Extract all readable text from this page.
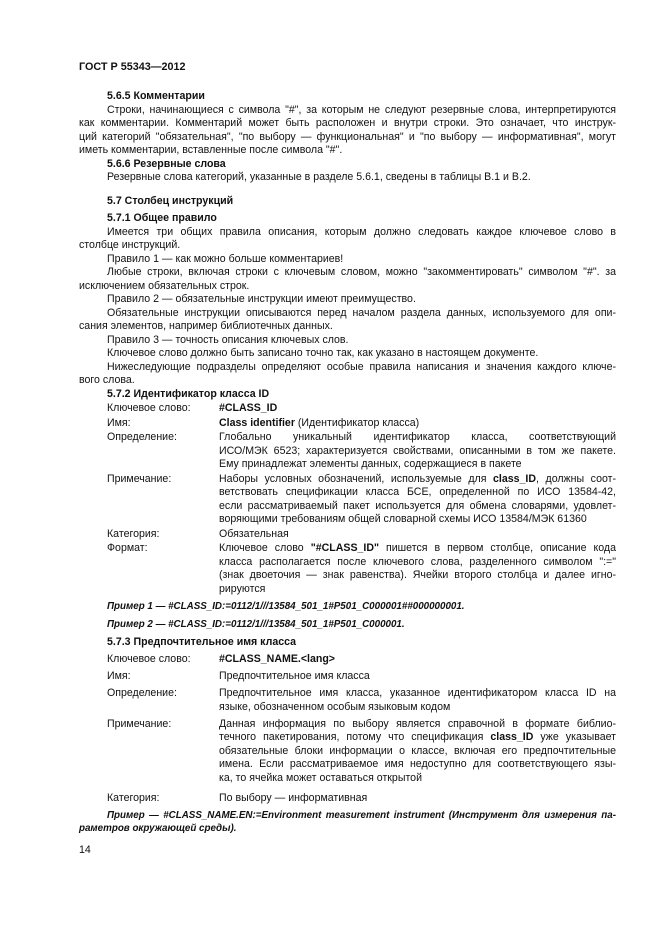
ГОСТ Р 55343—2012
5.6.5 Комментарии
Строки, начинающиеся с символа "#", за которым не следуют резервные слова, интерпретируются
как комментарии. Комментарий может быть расположен и внутри строки. Это означает, что инструк-
ций категорий "обязательная", "по выбору — функциональная" и "по выбору — информативная", могут
иметь комментарии, вставленные после символа "#".
5.6.6 Резервные слова
Резервные слова категорий, указанные в разделе 5.6.1, сведены в таблицы В.1 и В.2.
5.7 Столбец инструкций
5.7.1 Общее правило
Имеется три общих правила описания, которым должно следовать каждое ключевое слово в
столбце инструкций.
Правило 1 — как можно больше комментариев!
Любые строки, включая строки с ключевым словом, можно "закомментировать" символом "#". за
исключением обязательных строк.
Правило 2 — обязательные инструкции имеют преимущество.
Обязательные инструкции описываются перед началом раздела данных, используемого для опи-
сания элементов, например библиотечных данных.
Правило 3 — точность описания ключевых слов.
Ключевое слово должно быть записано точно так, как указано в настоящем документе.
Нижеследующие подразделы определяют особые правила написания и значения каждого ключе-
вого слова.
5.7.2 Идентификатор класса ID
Ключевое слово:	#CLASS_ID
Имя:	Class identifier (Идентификатор класса)
Определение:	Глобально уникальный идентификатор класса, соответствующий
ИСО/МЭК 6523; характеризуется свойствами, описанными в том же пакете.
Ему принадлежат элементы данных, содержащиеся в пакете
Примечание:	Наборы условных обозначений, используемые для class_ID, должны соот-
ветствовать спецификации класса БСЕ, определенной по ИСО 13584-42,
если рассматриваемый пакет используется для обмена словарями, удовлет-
воряющими требованиям общей словарной схемы ИСО 13584/МЭК 61360
Категория:	Обязательная
Формат:	Ключевое слово "#CLASS_ID" пишется в первом столбце, описание кода
класса располагается после ключевого слова, разделенного символом ":="
(знак двоеточия — знак равенства). Ячейки второго столбца и далее игно-
рируются
Пример 1 — #CLASS_ID:=0112/1///13584_501_1#P501_C000001##000000001.
Пример 2 — #CLASS_ID:=0112/1///13584_501_1#P501_C000001.
5.7.3 Предпочтительное имя класса
Ключевое слово:	#CLASS_NAME.<lang>
Имя:	Предпочтительное имя класса
Определение:	Предпочтительное имя класса, указанное идентификатором класса ID на
языке, обозначенном особым языковым кодом
Примечание:	Данная информация по выбору является справочной в формате библио-
течного пакетирования, потому что спецификация class_ID уже указывает
обязательные блоки информации о классе, включая его предпочтительные
имена. Если рассматриваемое имя недоступно для соответствующего язы-
ка, то ячейка может оставаться открытой
Категория:	По выбору — информативная
Пример — #CLASS_NAME.EN:=Environment measurement instrument (Инструмент для измерения па-
раметров окружающей среды).
14
